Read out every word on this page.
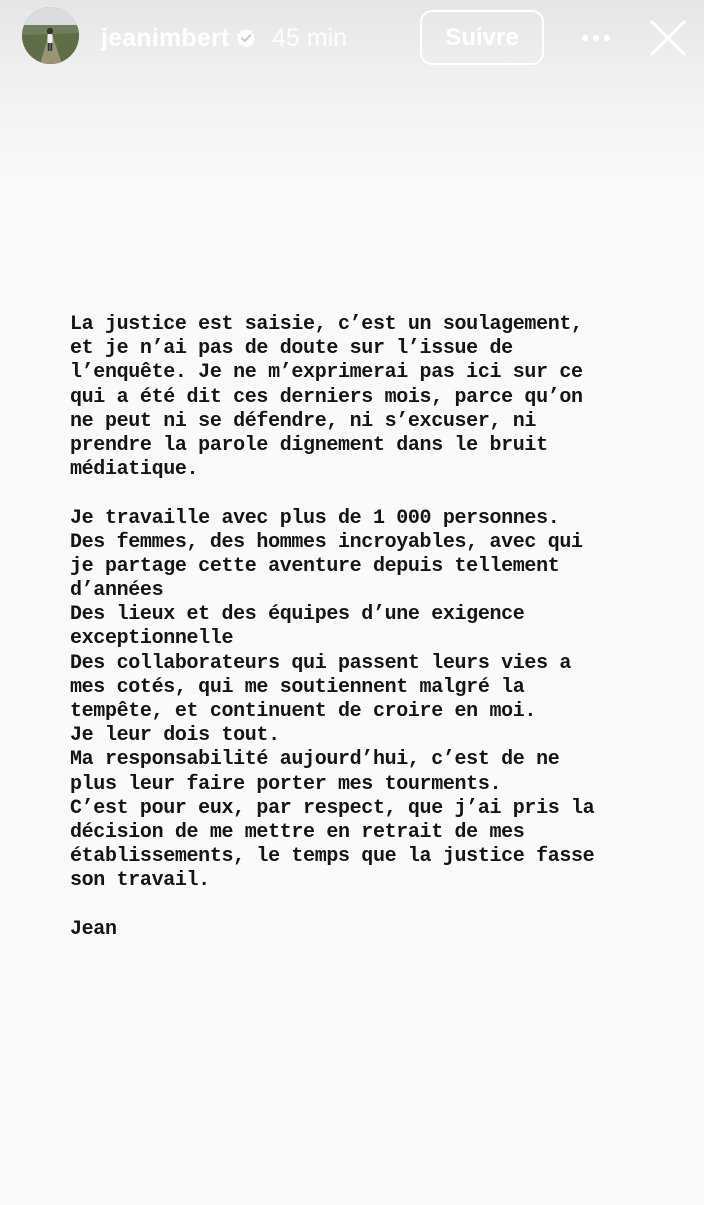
jeanimbert 45 min	Suivre
La justice est saisie, c’est un soulagement,
et je n’ai pas de doute sur l’issue de
l’enquête. Je ne m’exprimerai pas ici sur ce
qui a été dit ces derniers mois, parce qu’on
ne peut ni se défendre, ni s’excuser, ni
prendre la parole dignement dans le bruit
médiatique.
Je travaille avec plus de 1 000 personnes.
Des femmes, des hommes incroyables, avec qui
je partage cette aventure depuis tellement
d’années
Des lieux et des équipes d’une exigence
exceptionnelle
Des collaborateurs qui passent leurs vies a
mes cotés, qui me soutiennent malgré la
tempête, et continuent de croire en moi.
Je leur dois tout.
Ma responsabilité aujourd’hui, c’est de ne
plus leur faire porter mes tourments.
C’est pour eux, par respect, que j’ai pris la
décision de me mettre en retrait de mes
établissements, le temps que la justice fasse
son travail.
Jean
